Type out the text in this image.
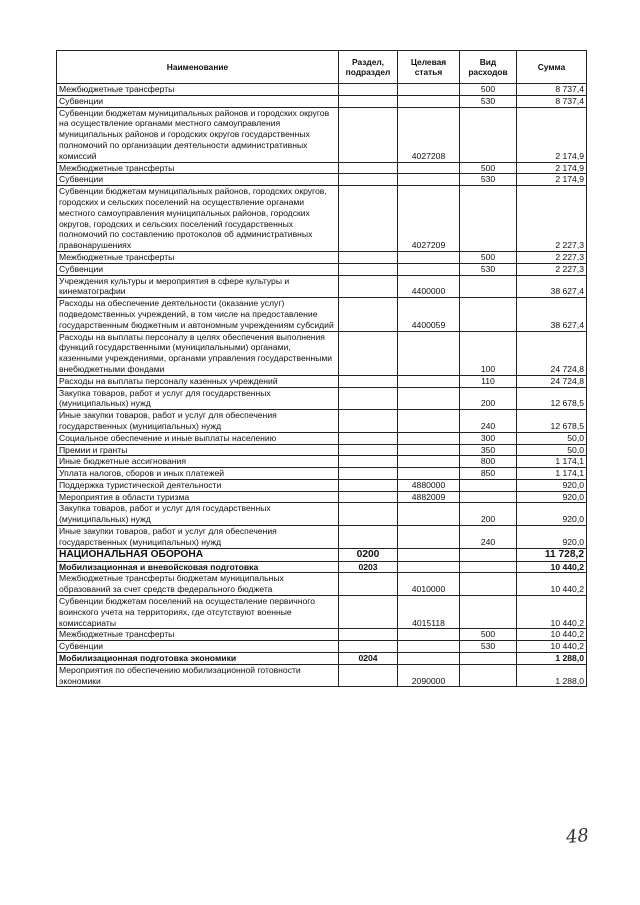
Наименование	Раздел, подраздел	Целевая статья	Вид расходов	Сумма
Межбюджетные трансферты			500	8 737,4
Субвенции			530	8 737,4
Субвенции бюджетам муниципальных районов и городских округов на осуществление органами местного самоуправления муниципальных районов и городских округов государственных полномочий по организации деятельности административных комиссий		4027208		2 174,9
Межбюджетные трансферты			500	2 174,9
Субвенции			530	2 174,9
Субвенции бюджетам муниципальных районов, городских округов, городских и сельских поселений на осуществление органами местного самоуправления муниципальных районов, городских округов, городских и сельских поселений государственных полномочий по составлению протоколов об административных правонарушениях		4027209		2 227,3
Межбюджетные трансферты			500	2 227,3
Субвенции			530	2 227,3
Учреждения культуры и мероприятия в сфере культуры и кинематографии		4400000		38 627,4
Расходы на обеспечение деятельности (оказание услуг) подведомственных учреждений, в том числе на предоставление государственным бюджетным и автономным учреждениям субсидий		4400059		38 627,4
Расходы на выплаты персоналу в целях обеспечения выполнения функций государственными (муниципальными) органами, казенными учреждениями, органами управления государственными внебюджетными фондами			100	24 724,8
Расходы на выплаты персоналу казенных учреждений			110	24 724,8
Закупка товаров, работ и услуг для государственных (муниципальных) нужд			200	12 678,5
Иные закупки товаров, работ и услуг для обеспечения государственных (муниципальных) нужд			240	12 678,5
Социальное обеспечение и иные выплаты населению			300	50,0
Премии и гранты			350	50,0
Иные бюджетные ассигнования			800	1 174,1
Уплата налогов, сборов и иных платежей			850	1 174,1
Поддержка туристической деятельности		4880000		920,0
Мероприятия в области туризма		4882009		920,0
Закупка товаров, работ и услуг для государственных (муниципальных) нужд			200	920,0
Иные закупки товаров, работ и услуг для обеспечения государственных (муниципальных) нужд			240	920,0
НАЦИОНАЛЬНАЯ ОБОРОНА	0200			11 728,2
Мобилизационная и вневойсковая подготовка	0203			10 440,2
Межбюджетные трансферты бюджетам муниципальных образований за счет средств федерального бюджета		4010000		10 440,2
Субвенции бюджетам поселений на осуществление первичного воинского учета на территориях, где отсутствуют военные комиссариаты		4015118		10 440,2
Межбюджетные трансферты			500	10 440,2
Субвенции			530	10 440,2
Мобилизационная подготовка экономики	0204			1 288,0
Мероприятия по обеспечению мобилизационной готовности экономики		2090000		1 288,0
48
